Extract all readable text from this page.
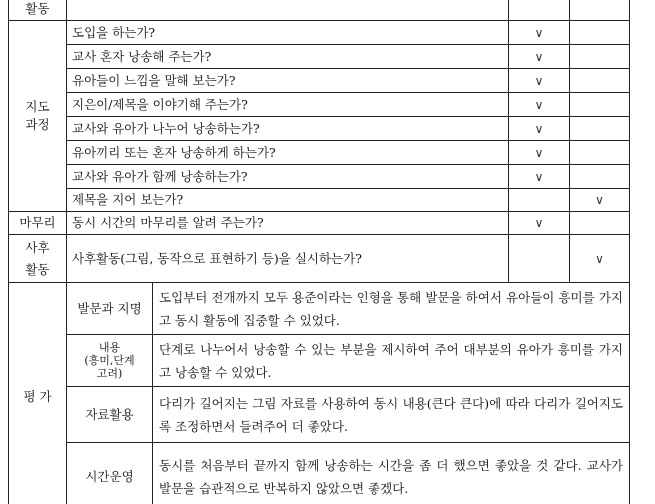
활동				

지도
과정	도입을 하는가?		∨	
	교사 혼자 낭송해 주는가?		∨	
	유아들이 느낌을 말해 보는가?		∨	
	지은이/제목을 이야기해 주는가?		∨	
	교사와 유아가 나누어 낭송하는가?		∨	
	유아끼리 또는 혼자 낭송하게 하는가?		∨	
	교사와 유아가 함께 낭송하는가?		∨	
	제목을 지어 보는가?			∨
마무리	동시 시간의 마무리를 알려 주는가?		∨	

사후
활동	사후활동(그림, 동작으로 표현하기 등)을 실시하는가?			∨
평 가	발문과 지명	도입부터 전개까지 모두 용준이라는 인형을 통해 발문을 하여서 유아들이 흥미를 가지고 동시 활동에 집중할 수 있었다.		

	내용
(흥미,단계
고려)	단계로 나누어서 낭송할 수 있는 부분을 제시하여 주어 대부분의 유아가 흥미를 가지고 낭송할 수 있었다.		
	자료활용	다리가 길어지는 그림 자료를 사용하여 동시 내용(큰다 큰다)에 따라 다리가 길어지도록 조정하면서 들려주어 더 좋았다.		
	시간운영	동시를 처음부터 끝까지 함께 낭송하는 시간을 좀 더 했으면 좋았을 것 같다. 교사가 발문을 습관적으로 반복하지 않았으면 좋겠다.		
